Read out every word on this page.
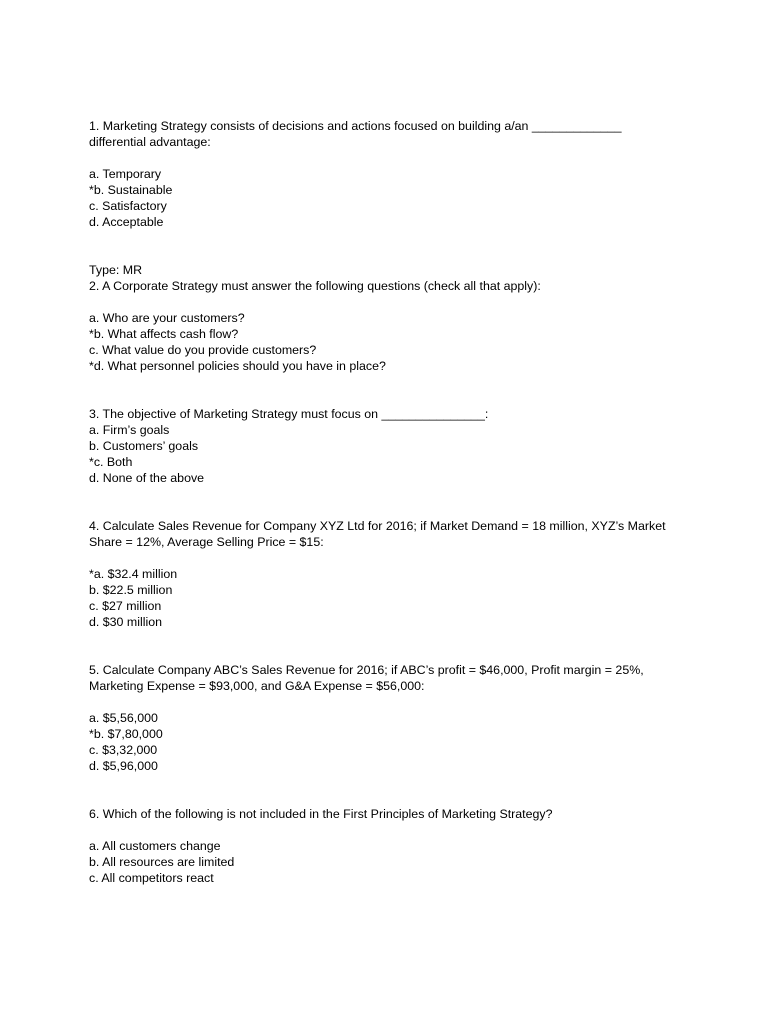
1. Marketing Strategy consists of decisions and actions focused on building a/an _____________ differential advantage:
a. Temporary
*b. Sustainable
c. Satisfactory
d. Acceptable
Type: MR
2. A Corporate Strategy must answer the following questions (check all that apply):
a. Who are your customers?
*b. What affects cash flow?
c. What value do you provide customers?
*d. What personnel policies should you have in place?
3. The objective of Marketing Strategy must focus on _______________:
a. Firm’s goals
b. Customers’ goals
*c. Both
d. None of the above
4. Calculate Sales Revenue for Company XYZ Ltd for 2016; if Market Demand = 18 million, XYZ’s Market Share = 12%, Average Selling Price = $15:
*a. $32.4 million
b. $22.5 million
c. $27 million
d. $30 million
5. Calculate Company ABC’s Sales Revenue for 2016; if ABC’s profit = $46,000, Profit margin = 25%, Marketing Expense = $93,000, and G&A Expense = $56,000:
a. $5,56,000
*b. $7,80,000
c. $3,32,000
d. $5,96,000
6. Which of the following is not included in the First Principles of Marketing Strategy?
a. All customers change
b. All resources are limited
c. All competitors react
